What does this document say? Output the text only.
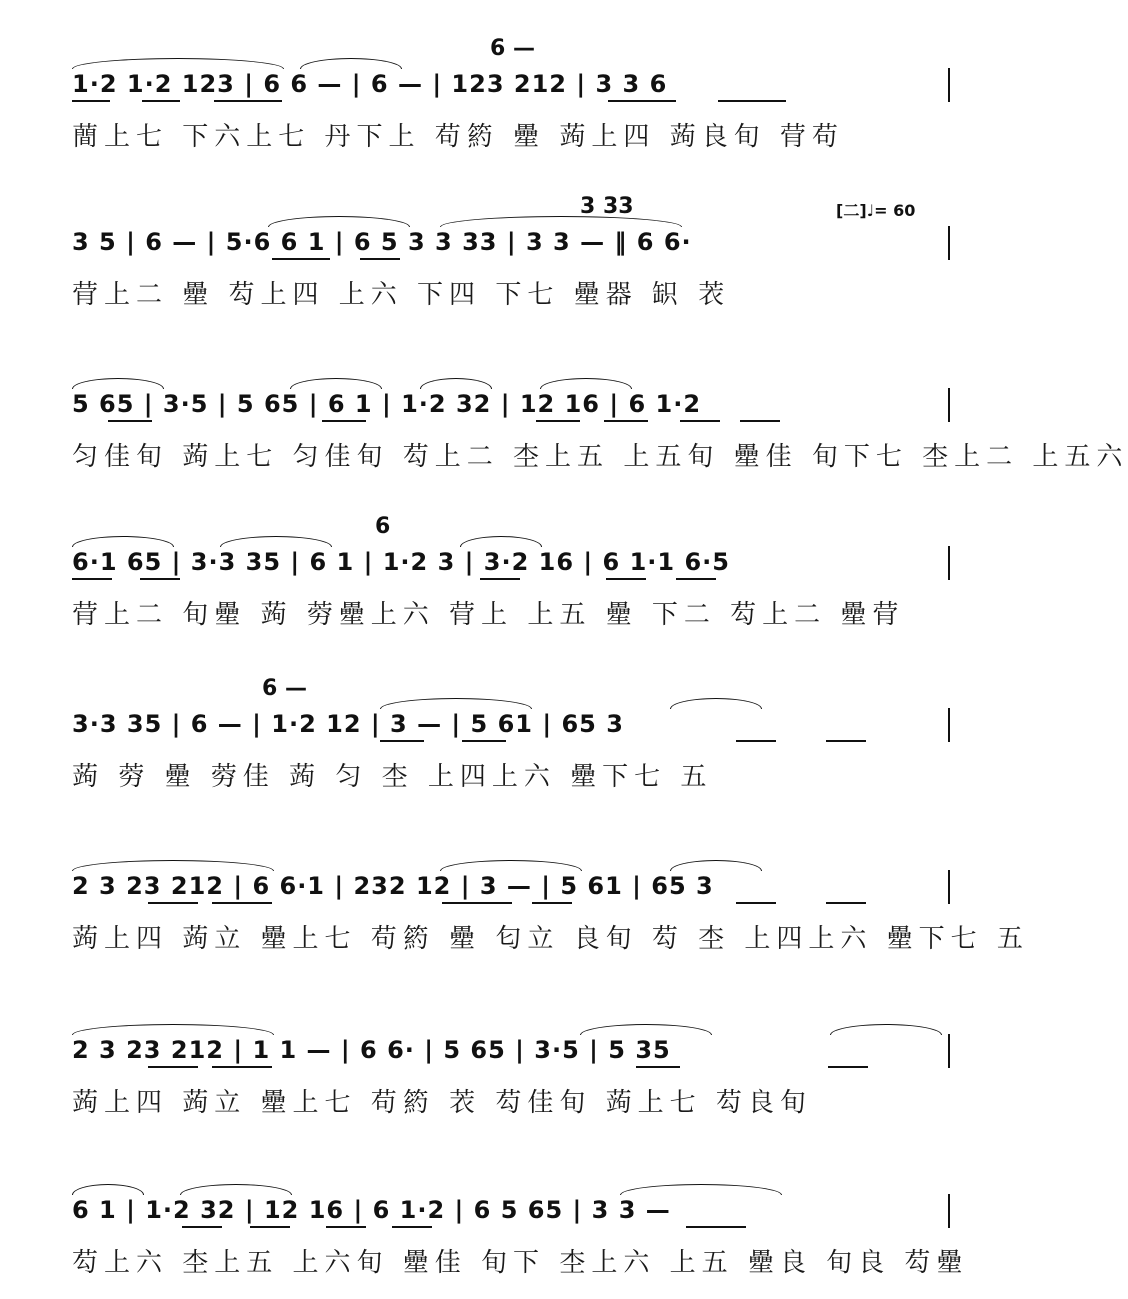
[二]♩= 60
6 —
1·2 1·2 123 | 6 6 — | 6 — | 123 212 | 3 3 6
蕳上七 下六上七 丹下上 苟箹 㽮 蒟上四 蒟良旬 䒿苟
3 33
3 5 | 6 — | 5·6 6 1 | 6 5 3 3 33 | 3 3 — ‖ 6 6·
䒿上二 㽮 芶上四 上六 下四 下七 㽮器 䍉 䒾
5 65 | 3·5 | 5 65 | 6 1 | 1·2 32 | 12 16 | 6 1·2
匀佳旬 蒟上七 匀佳旬 芶上二 杢上五 上五旬 㽮佳 旬下七 杢上二 上五六
6
6·1 65 | 3·3 35 | 6 1 | 1·2 3 | 3·2 16 | 6 1·1 6·5
䒿上二 旬㽮 蒟 䓖㽮上六 䒿上 上五 㽮 下二 芶上二 㽮䒿
6 —
3·3 35 | 6 — | 1·2 12 | 3 — | 5 61 | 65 3
蒟 䓖 㽮 䓖佳 蒟 匀 杢 上四上六 㽮下七 五
2 3 23 212 | 6 6·1 | 232 12 | 3 — | 5 61 | 65 3
蒟上四 蒟立 㽮上七 苟箹 㽮 匂立 良旬 芶 杢 上四上六 㽮下七 五
2 3 23 212 | 1 1 — | 6 6· | 5 65 | 3·5 | 5 35
蒟上四 蒟立 㽮上七 苟箹 䒾 芶佳旬 蒟上七 芶良旬
6 1 | 1·2 32 | 12 16 | 6 1·2 | 6 5 65 | 3 3 —
芶上六 杢上五 上六旬 㽮佳 旬下 杢上六 上五 㽮良 旬良 芶㽮
